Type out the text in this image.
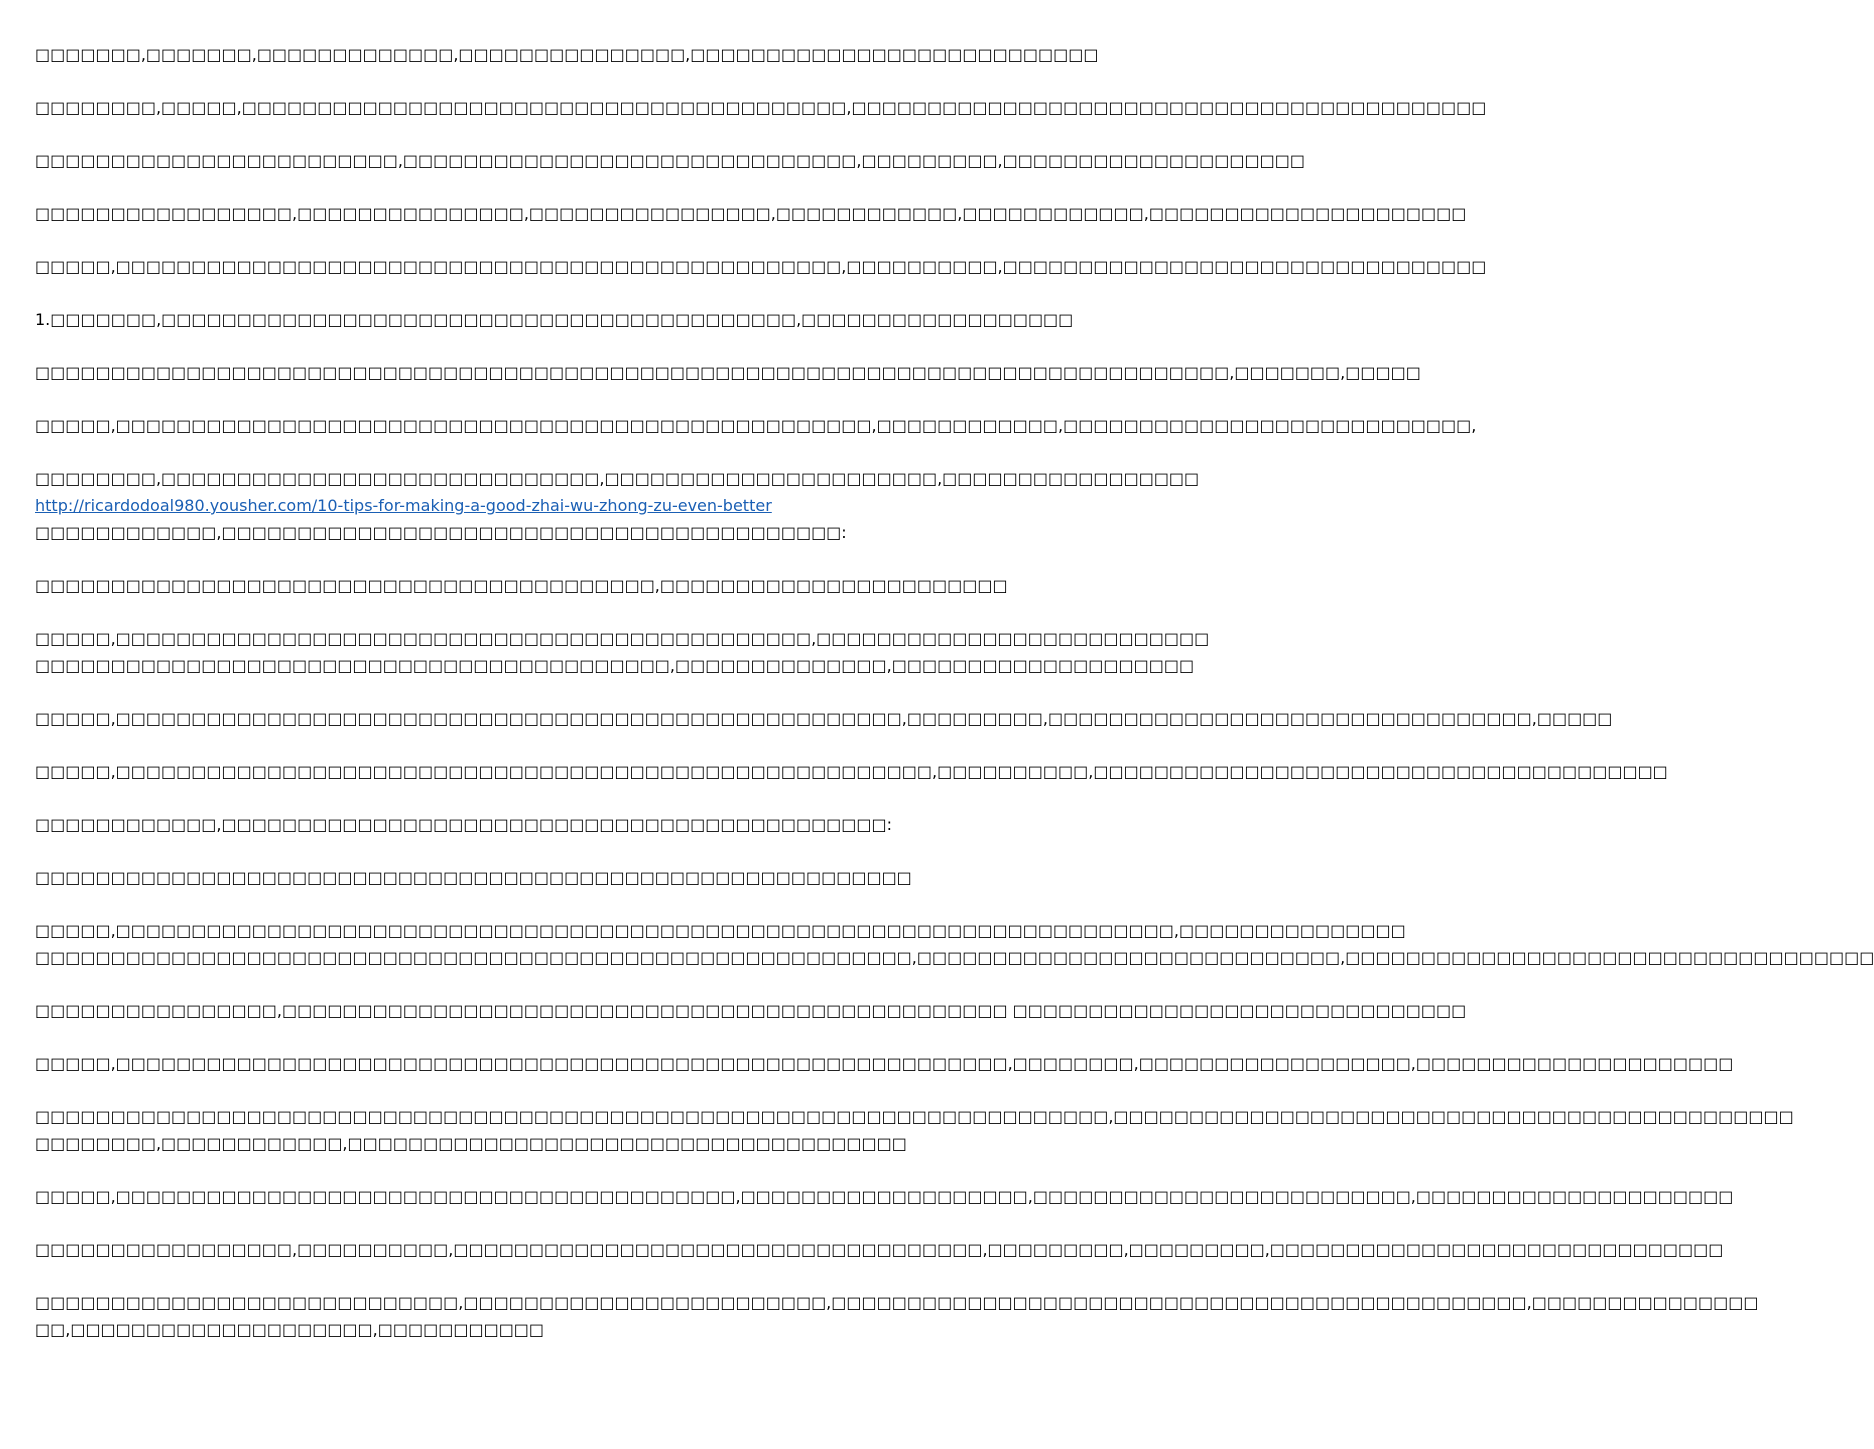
□□□□□□□,□□□□□□□,□□□□□□□□□□□□□,□□□□□□□□□□□□□□□,□□□□□□□□□□□□□□□□□□□□□□□□□□□
□□□□□□□□,□□□□□,□□□□□□□□□□□□□□□□□□□□□□□□□□□□□□□□□□□□□□□□,□□□□□□□□□□□□□□□□□□□□□□□□□□□□□□□□□□□□□□□□□□
□□□□□□□□□□□□□□□□□□□□□□□□,□□□□□□□□□□□□□□□□□□□□□□□□□□□□□□,□□□□□□□□□,□□□□□□□□□□□□□□□□□□□□
□□□□□□□□□□□□□□□□□,□□□□□□□□□□□□□□□,□□□□□□□□□□□□□□□□,□□□□□□□□□□□□,□□□□□□□□□□□□,□□□□□□□□□□□□□□□□□□□□□
□□□□□,□□□□□□□□□□□□□□□□□□□□□□□□□□□□□□□□□□□□□□□□□□□□□□□□,□□□□□□□□□□,□□□□□□□□□□□□□□□□□□□□□□□□□□□□□□□□
1.□□□□□□□,□□□□□□□□□□□□□□□□□□□□□□□□□□□□□□□□□□□□□□□□□□,□□□□□□□□□□□□□□□□□□
□□□□□□□□□□□□□□□□□□□□□□□□□□□□□□□□□□□□□□□□□□□□□□□□□□□□□□□□□□□□□□□□□□□□□□□□□□□□□□□,□□□□□□□,□□□□□
□□□□□,□□□□□□□□□□□□□□□□□□□□□□□□□□□□□□□□□□□□□□□□□□□□□□□□□□,□□□□□□□□□□□□,□□□□□□□□□□□□□□□□□□□□□□□□□□□,
□□□□□□□□,□□□□□□□□□□□□□□□□□□□□□□□□□□□□□,□□□□□□□□□□□□□□□□□□□□□□,□□□□□□□□□□□□□□□□□
http://ricardodoal980.yousher.com/10-tips-for-making-a-good-zhai-wu-zhong-zu-even-better
□□□□□□□□□□□□,□□□□□□□□□□□□□□□□□□□□□□□□□□□□□□□□□□□□□□□□□:
□□□□□□□□□□□□□□□□□□□□□□□□□□□□□□□□□□□□□□□□□,□□□□□□□□□□□□□□□□□□□□□□□
□□□□□,□□□□□□□□□□□□□□□□□□□□□□□□□□□□□□□□□□□□□□□□□□□□□□,□□□□□□□□□□□□□□□□□□□□□□□□□□
□□□□□□□□□□□□□□□□□□□□□□□□□□□□□□□□□□□□□□□□□□,□□□□□□□□□□□□□□,□□□□□□□□□□□□□□□□□□□□
□□□□□,□□□□□□□□□□□□□□□□□□□□□□□□□□□□□□□□□□□□□□□□□□□□□□□□□□□□,□□□□□□□□□,□□□□□□□□□□□□□□□□□□□□□□□□□□□□□□□□,□□□□□
□□□□□,□□□□□□□□□□□□□□□□□□□□□□□□□□□□□□□□□□□□□□□□□□□□□□□□□□□□□□,□□□□□□□□□□,□□□□□□□□□□□□□□□□□□□□□□□□□□□□□□□□□□□□□□
□□□□□□□□□□□□,□□□□□□□□□□□□□□□□□□□□□□□□□□□□□□□□□□□□□□□□□□□□:
□□□□□□□□□□□□□□□□□□□□□□□□□□□□□□□□□□□□□□□□□□□□□□□□□□□□□□□□□□
□□□□□,□□□□□□□□□□□□□□□□□□□□□□□□□□□□□□□□□□□□□□□□□□□□□□□□□□□□□□□□□□□□□□□□□□□□□□,□□□□□□□□□□□□□□□
□□□□□□□□□□□□□□□□□□□□□□□□□□□□□□□□□□□□□□□□□□□□□□□□□□□□□□□□□□,□□□□□□□□□□□□□□□□□□□□□□□□□□□□,□□□□□□□□□□□□□□□□□□□□□□□□□□□□□□□□□□□
□□□□□□□□□□□□□□□□,□□□□□□□□□□□□□□□□□□□□□□□□□□□□□□□□□□□□□□□□□□□□□□□□ □□□□□□□□□□□□□□□□□□□□□□□□□□□□□□
□□□□□,□□□□□□□□□□□□□□□□□□□□□□□□□□□□□□□□□□□□□□□□□□□□□□□□□□□□□□□□□□□,□□□□□□□□,□□□□□□□□□□□□□□□□□□,□□□□□□□□□□□□□□□□□□□□□
□□□□□□□□□□□□□□□□□□□□□□□□□□□□□□□□□□□□□□□□□□□□□□□□□□□□□□□□□□□□□□□□□□□□□□□,□□□□□□□□□□□□□□□□□□□□□□□□□□□□□□□□□□□□□□□□□□□□□
□□□□□□□□,□□□□□□□□□□□□,□□□□□□□□□□□□□□□□□□□□□□□□□□□□□□□□□□□□□
□□□□□,□□□□□□□□□□□□□□□□□□□□□□□□□□□□□□□□□□□□□□□□□,□□□□□□□□□□□□□□□□□□□,□□□□□□□□□□□□□□□□□□□□□□□□□,□□□□□□□□□□□□□□□□□□□□□
□□□□□□□□□□□□□□□□□,□□□□□□□□□□,□□□□□□□□□□□□□□□□□□□□□□□□□□□□□□□□□□□,□□□□□□□□□,□□□□□□□□□,□□□□□□□□□□□□□□□□□□□□□□□□□□□□□□
□□□□□□□□□□□□□□□□□□□□□□□□□□□□,□□□□□□□□□□□□□□□□□□□□□□□□,□□□□□□□□□□□□□□□□□□□□□□□□□□□□□□□□□□□□□□□□□□□□□□,□□□□□□□□□□□□□□□
□□,□□□□□□□□□□□□□□□□□□□□,□□□□□□□□□□□
